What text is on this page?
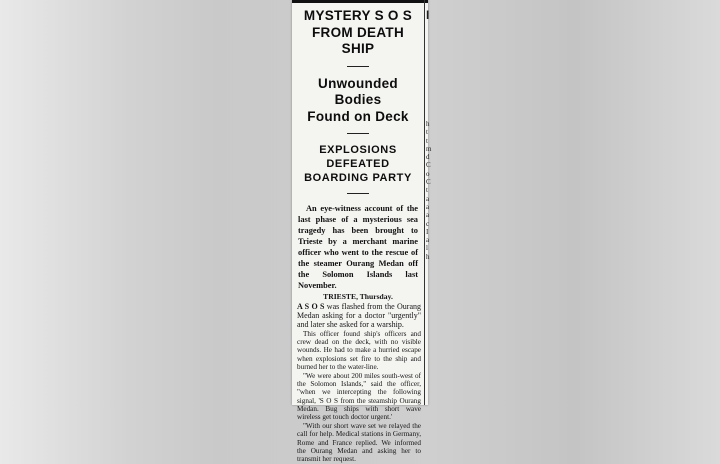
MYSTERY S O S
FROM DEATH
SHIP
Unwounded Bodies
Found on Deck
EXPLOSIONS DEFEATED
BOARDING PARTY

An eye-witness account of the last phase of a mysterious sea tragedy has been brought to Trieste by a merchant marine officer who went to the rescue of the steamer Ourang Medan off the Solomon Islands last November.

TRIESTE, Thursday.

A S O S was flashed from the Ourang Medan asking for a doctor "urgently" and later she asked for a warship.

This officer found ship's officers and crew dead on the deck, with no visible wounds. He had to make a hurried escape when explosions set fire to the ship and burned her to the water-line.

"We were about 200 miles south-west of the Solomon Islands," said the officer, "when we intercepting the following signal, 'S O S from the steamship Ourang Medan. Bug ships with short wave wireless get touch doctor urgent.'

"With our short wave set we relayed the call for help. Medical stations in Germany, Rome and France replied. We informed the Ourang Medan and asking her to transmit her request.

I
h
t
t
m
d
C
o
C
t
a
a
a
c
I
a
l
h
